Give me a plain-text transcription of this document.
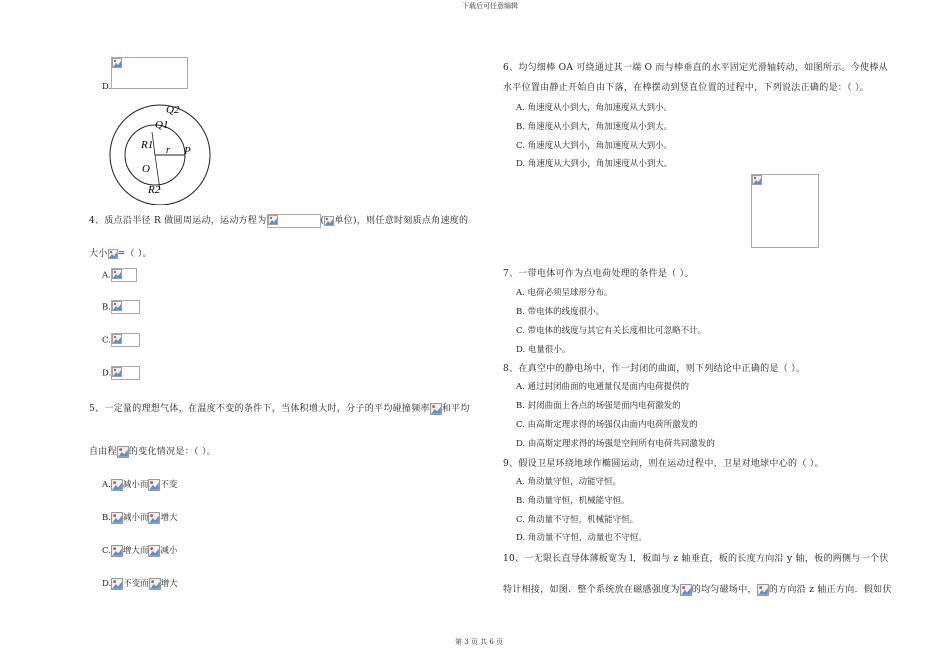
下载后可任意编辑
第 3 页 共 6 页
D.
Q2
Q1
R1 r P
O
R2
4、质点沿半径 R 做圆周运动，运动方程为	( 单位)，则任意时刻质点角速度的
大小 =（ ）。
A.
B.
C.
D.
5、一定量的理想气体，在温度不变的条件下，当体积增大时，分子的平均碰撞频率 和平均
自由程 的变化情况是：（ ）。
A. 减小而 不变
B. 减小而 增大
C. 增大而 减小
D. 不变而 增大
6、均匀细棒 OA 可绕通过其一端 O 而与棒垂直的水平固定光滑轴转动，如图所示。今使棒从
水平位置由静止开始自由下落，在棒摆动到竖直位置的过程中，下列说法正确的是：（ ）。
A. 角速度从小到大，角加速度从大到小。
B. 角速度从小到大，角加速度从小到大。
C. 角速度从大到小，角加速度从大到小。
D. 角速度从大到小，角加速度从小到大。
7、一带电体可作为点电荷处理的条件是（ ）。
A. 电荷必须呈球形分布。
B. 带电体的线度很小。
C. 带电体的线度与其它有关长度相比可忽略不计。
D. 电量很小。
8、在真空中的静电场中，作一封闭的曲面，则下列结论中正确的是（ ）。
A. 通过封闭曲面的电通量仅是面内电荷提供的
B. 封闭曲面上各点的场强是面内电荷激发的
C. 由高斯定理求得的场强仅由面内电荷所激发的
D. 由高斯定理求得的场强是空间所有电荷共同激发的
9、假设卫星环绕地球作椭圆运动，则在运动过程中，卫星对地球中心的（ ）。
A. 角动量守恒，动能守恒。
B. 角动量守恒，机械能守恒。
C. 角动量不守恒，机械能守恒。
D. 角动量不守恒，动量也不守恒。
10、一无限长直导体薄板宽为 l，板面与 z 轴垂直，板的长度方向沿 y 轴，板的两侧与一个伏
特计相接，如图．整个系统放在磁感强度为 的均匀磁场中， 的方向沿 z 轴正方向．假如伏
